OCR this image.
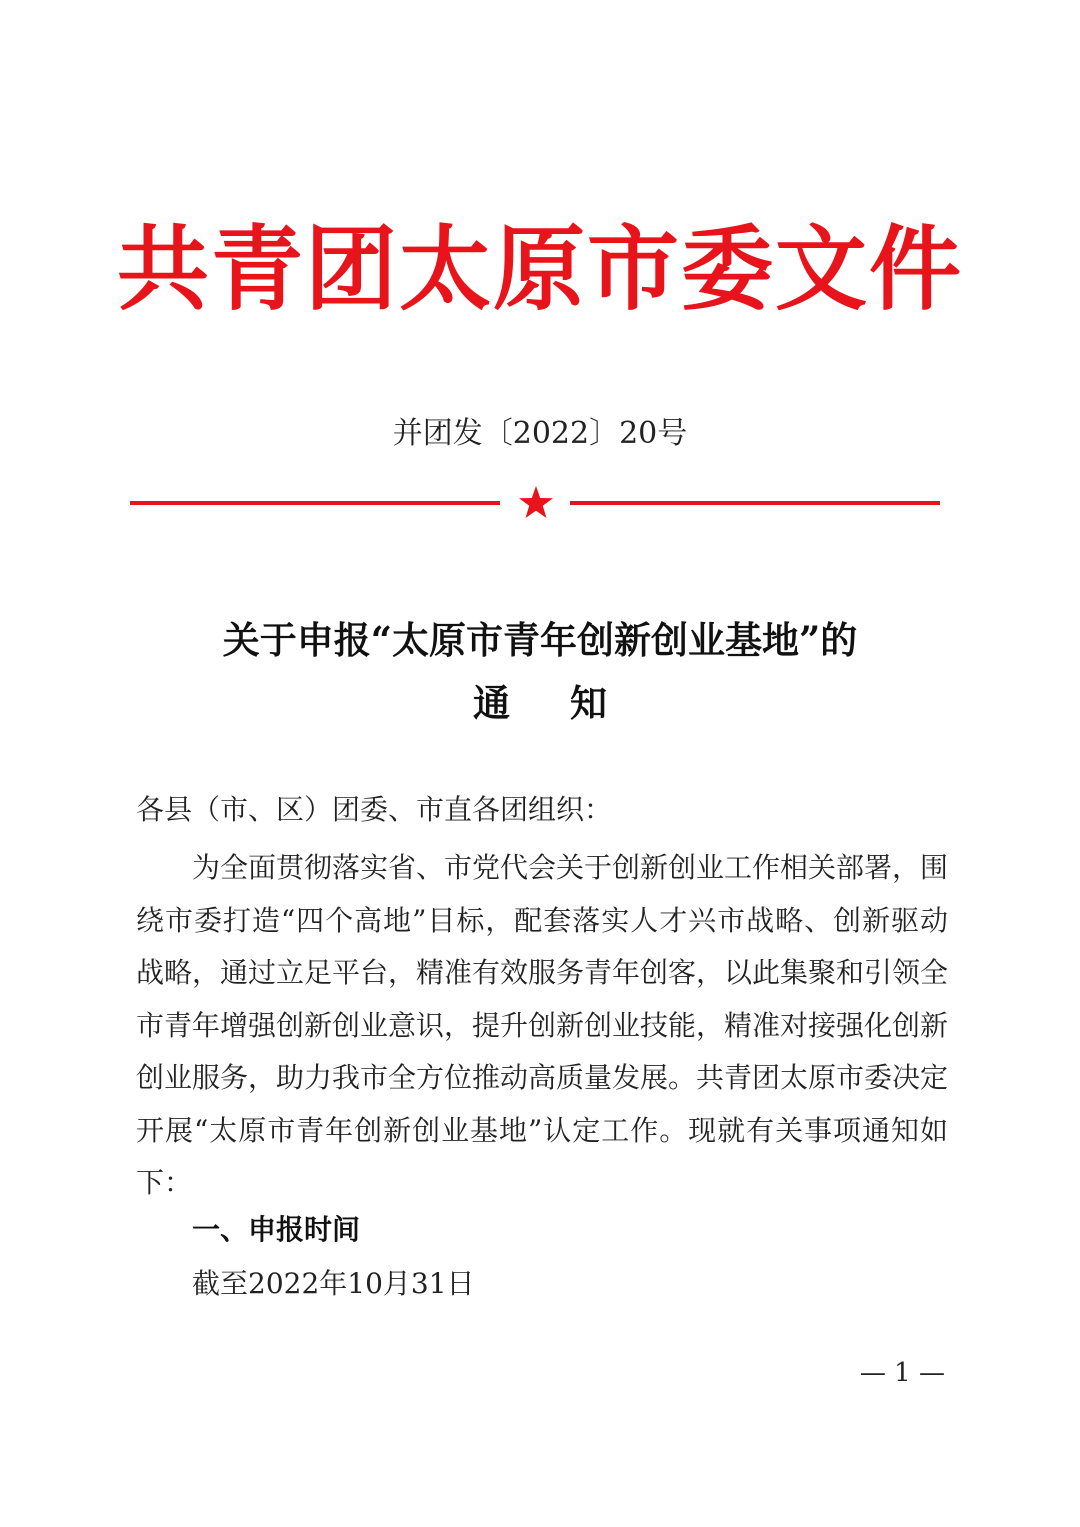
共青团太原市委文件
并团发〔2022〕20号
关于申报“太原市青年创新创业基地”的
通知
各县（市、区）团委、市直各团组织：
为全面贯彻落实省、市党代会关于创新创业工作相关部署，围绕市委打造“四个高地”目标，配套落实人才兴市战略、创新驱动战略，通过立足平台，精准有效服务青年创客，以此集聚和引领全市青年增强创新创业意识，提升创新创业技能，精准对接强化创新创业服务，助力我市全方位推动高质量发展。共青团太原市委决定开展“太原市青年创新创业基地”认定工作。现就有关事项通知如下：
一、申报时间
截至2022年10月31日
— 1 —
